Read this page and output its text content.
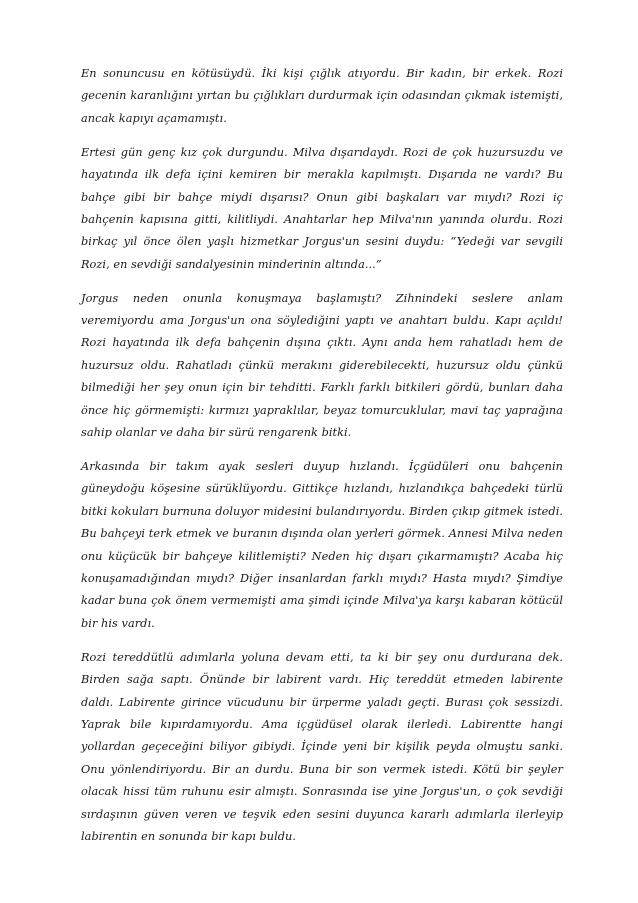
En sonuncusu en kötüsüydü. İki kişi çığlık atıyordu. Bir kadın, bir erkek. Rozi gecenin karanlığını yırtan bu çığlıkları durdurmak için odasından çıkmak istemişti, ancak kapıyı açamamıştı.

Ertesi gün genç kız çok durgundu. Milva dışarıdaydı. Rozi de çok huzursuzdu ve hayatında ilk defa içini kemiren bir merakla kapılmıştı. Dışarıda ne vardı? Bu bahçe gibi bir bahçe miydi dışarısı? Onun gibi başkaları var mıydı? Rozi iç bahçenin kapısına gitti, kilitliydi. Anahtarlar hep Milva'nın yanında olurdu. Rozi birkaç yıl önce ölen yaşlı hizmetkar Jorgus'un sesini duydu: “Yedeği var sevgili Rozi, en sevdiği sandalyesinin minderinin altında...”

Jorgus neden onunla konuşmaya başlamıştı? Zihnindeki seslere anlam veremiyordu ama Jorgus'un ona söylediğini yaptı ve anahtarı buldu. Kapı açıldı! Rozi hayatında ilk defa bahçenin dışına çıktı. Aynı anda hem rahatladı hem de huzursuz oldu. Rahatladı çünkü merakını giderebilecekti, huzursuz oldu çünkü bilmediği her şey onun için bir tehditti. Farklı farklı bitkileri gördü, bunları daha önce hiç görmemişti: kırmızı yapraklılar, beyaz tomurcuklular, mavi taç yaprağına sahip olanlar ve daha bir sürü rengarenk bitki.

Arkasında bir takım ayak sesleri duyup hızlandı. İçgüdüleri onu bahçenin güneydoğu köşesine sürüklüyordu. Gittikçe hızlandı, hızlandıkça bahçedeki türlü bitki kokuları burnuna doluyor midesini bulandırıyordu. Birden çıkıp gitmek istedi. Bu bahçeyi terk etmek ve buranın dışında olan yerleri görmek. Annesi Milva neden onu küçücük bir bahçeye kilitlemişti? Neden hiç dışarı çıkarmamıştı? Acaba hiç konuşamadığından mıydı? Diğer insanlardan farklı mıydı? Hasta mıydı? Şimdiye kadar buna çok önem vermemişti ama şimdi içinde Milva'ya karşı kabaran kötücül bir his vardı.

Rozi tereddütlü adımlarla yoluna devam etti, ta ki bir şey onu durdurana dek. Birden sağa saptı. Önünde bir labirent vardı. Hiç tereddüt etmeden labirente daldı. Labirente girince vücudunu bir ürperme yaladı geçti. Burası çok sessizdi. Yaprak bile kıpırdamıyordu. Ama içgüdüsel olarak ilerledi. Labirentte hangi yollardan geçeceğini biliyor gibiydi. İçinde yeni bir kişilik peyda olmuştu sanki. Onu yönlendiriyordu. Bir an durdu. Buna bir son vermek istedi. Kötü bir şeyler olacak hissi tüm ruhunu esir almıştı. Sonrasında ise yine Jorgus'un, o çok sevdiği sırdaşının güven veren ve teşvik eden sesini duyunca kararlı adımlarla ilerleyip labirentin en sonunda bir kapı buldu.
